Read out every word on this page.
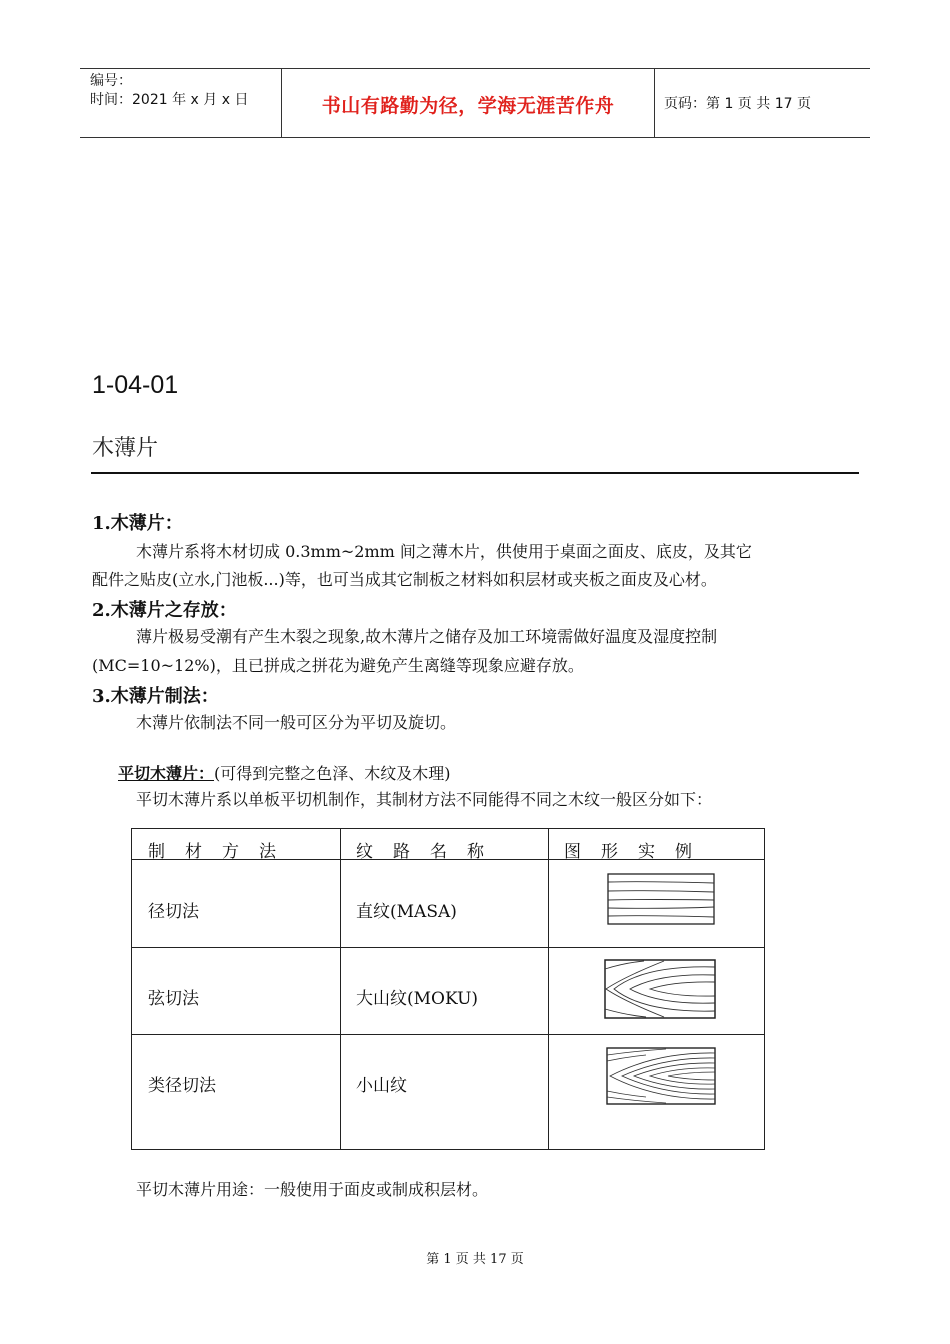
编号：
时间：2021 年 x 月 x 日	书山有路勤为径，学海无涯苦作舟	页码：第 1 页 共 17 页
1-04-01
木薄片
1.木薄片：
木薄片系将木材切成 0.3mm~2mm 间之薄木片，供使用于桌面之面皮、底皮，及其它
配件之贴皮(立水,门池板...)等，也可当成其它制板之材料如积层材或夹板之面皮及心材。
2.木薄片之存放：
薄片极易受潮有产生木裂之现象,故木薄片之储存及加工环境需做好温度及湿度控制
(MC=10~12%)，且已拼成之拼花为避免产生离缝等现象应避存放。
3.木薄片制法：
木薄片依制法不同一般可区分为平切及旋切。
平切木薄片：(可得到完整之色泽、木纹及木理)
平切木薄片系以单板平切机制作，其制材方法不同能得不同之木纹一般区分如下：
制材方法	纹路名称	图形实例
径切法	直纹(MASA)
弦切法	大山纹(MOKU)
类径切法	小山纹
平切木薄片用途：一般使用于面皮或制成积层材。
第 1 页 共 17 页
